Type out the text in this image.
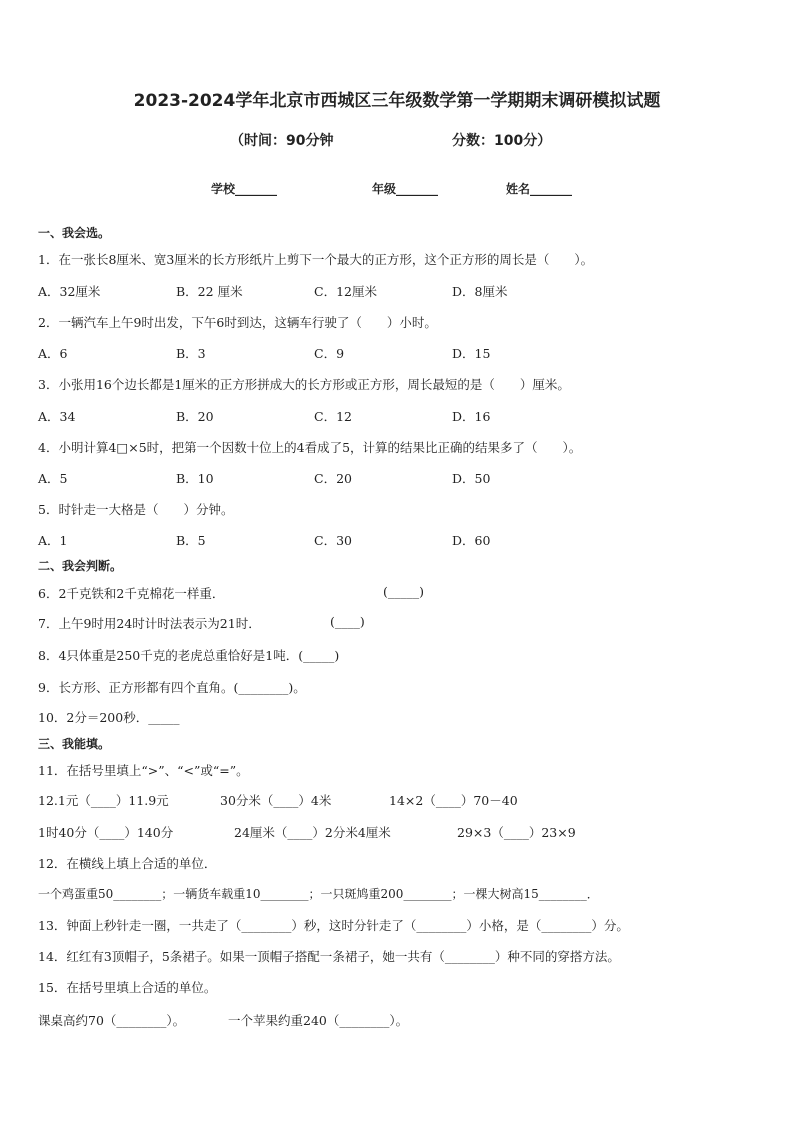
2023-2024学年北京市西城区三年级数学第一学期期末调研模拟试题
（时间：90分钟	分数：100分）
学校_______	年级_______	姓名_______
一、我会选。
1．在一张长8厘米、宽3厘米的长方形纸片上剪下一个最大的正方形，这个正方形的周长是（　　）。
A．32厘米	B．22 厘米	C．12厘米	D．8厘米
2．一辆汽车上午9时出发，下午6时到达，这辆车行驶了（　　）小时。
A．6	B．3	C．9	D．15
3．小张用16个边长都是1厘米的正方形拼成大的长方形或正方形，周长最短的是（　　）厘米。
A．34	B．20	C．12	D．16
4．小明计算4□×5时，把第一个因数十位上的4看成了5，计算的结果比正确的结果多了（　　）。
A．5	B．10	C．20	D．50
5．时针走一大格是（　　）分钟。
A．1	B．5	C．30	D．60
二、我会判断。
6．2千克铁和2千克棉花一样重．	(_____)
7．上午9时用24时计时法表示为21时．	(____)
8．4只体重是250千克的老虎总重恰好是1吨．(_____)
9．长方形、正方形都有四个直角。(________)。
10．2分＝200秒．_____
三、我能填。
11．在括号里填上“>”、“<”或“=”。
12.1元（____）11.9元	30分米（____）4米	14×2（____）70－40
1时40分（____）140分	24厘米（____）2分米4厘米	29×3（____）23×9
12．在横线上填上合适的单位．
一个鸡蛋重50________；一辆货车载重10________；一只斑鸠重200________；一棵大树高15________．
13．钟面上秒针走一圈，一共走了（________）秒，这时分针走了（________）小格，是（________）分。
14．红红有3顶帽子，5条裙子。如果一顶帽子搭配一条裙子，她一共有（________）种不同的穿搭方法。
15．在括号里填上合适的单位。
课桌高约70（________）。	一个苹果约重240（________）。
